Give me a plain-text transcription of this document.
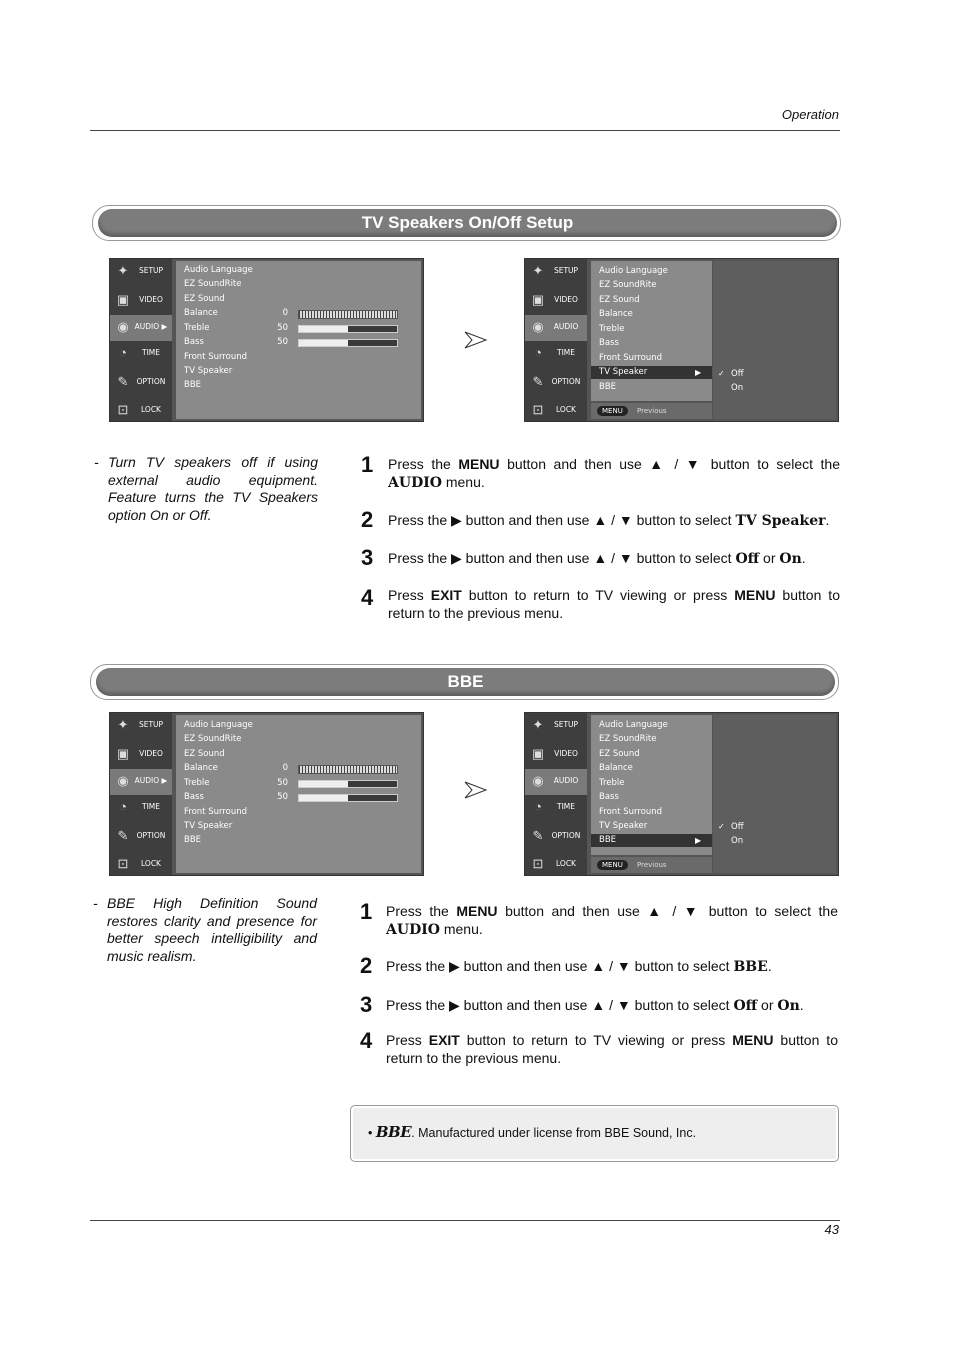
Operation
TV Speakers On/Off Setup
✦	SETUP
▣	VIDEO
◉ AUDIO ▶
◔	TIME
✎	OPTION
⊡	LOCK
Audio Language
EZ SoundRite
EZ Sound
Balance	0
Treble	50
Bass	50
Front Surround
TV Speaker
BBE
✦	SETUP
▣	VIDEO
◉	AUDIO
◔	TIME
✎	OPTION
⊡	LOCK
Audio Language
EZ SoundRite
EZ Sound
Balance
Treble
Bass
Front Surround
TV Speaker	▶
BBE
MENU	Previous
✓ Off
On
- Turn TV speakers off if using external audio equipment. Feature turns the TV Speakers option On or Off.
1 Press the MENU button and then use ▲ / ▼ button to select the AUDIO menu.
2 Press the ▶ button and then use ▲ / ▼ button to select TV Speaker.
3 Press the ▶ button and then use ▲ / ▼ button to select Off or On.
4 Press EXIT button to return to TV viewing or press MENU button to return to the previous menu.
BBE
✦	SETUP
▣	VIDEO
◉ AUDIO ▶
◔	TIME
✎	OPTION
⊡	LOCK
Audio Language
EZ SoundRite
EZ Sound
Balance	0
Treble	50
Bass	50
Front Surround
TV Speaker
BBE
✦	SETUP
▣	VIDEO
◉	AUDIO
◔	TIME
✎	OPTION
⊡	LOCK
Audio Language
EZ SoundRite
EZ Sound
Balance
Treble
Bass
Front Surround
TV Speaker
BBE	▶
MENU	Previous
✓ Off
On
- BBE High Definition Sound restores clarity and presence for better speech intelligibility and music realism.
1 Press the MENU button and then use ▲ / ▼ button to select the AUDIO menu.
2 Press the ▶ button and then use ▲ / ▼ button to select BBE.
3 Press the ▶ button and then use ▲ / ▼ button to select Off or On.
4 Press EXIT button to return to TV viewing or press MENU button to return to the previous menu.
• BBE. Manufactured under license from BBE Sound, Inc.
43
